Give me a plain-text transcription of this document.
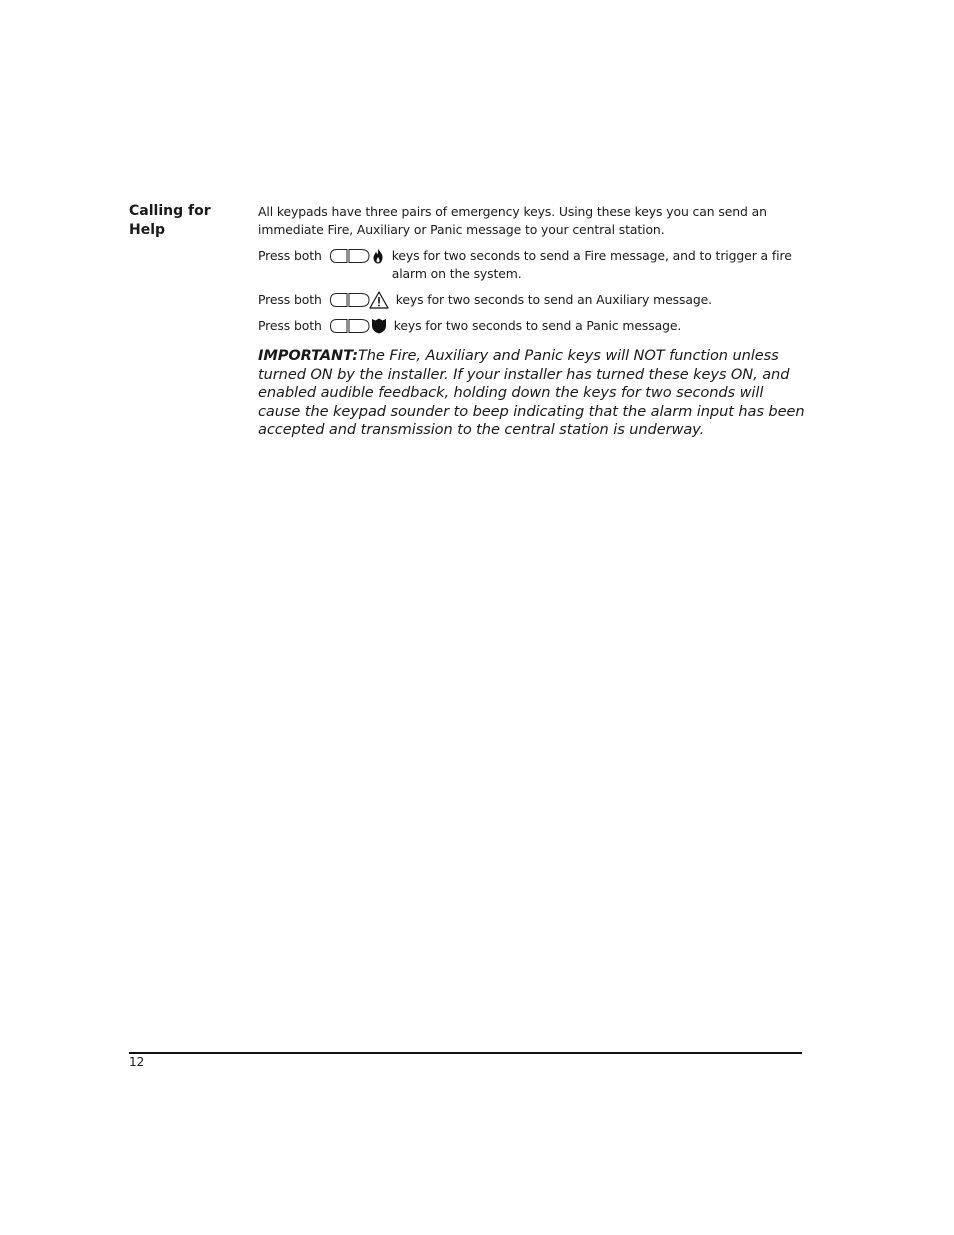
Calling for Help

All keypads have three pairs of emergency keys. Using these keys you can send an immediate Fire, Auxiliary or Panic message to your central station.

Press both	keys for two seconds to send a Fire message, and to trigger a fire alarm on the system.
Press both	keys for two seconds to send an Auxiliary message.
Press both	keys for two seconds to send a Panic message.

IMPORTANT:The Fire, Auxiliary and Panic keys will NOT function unless turned ON by the installer. If your installer has turned these keys ON, and enabled audible feedback, holding down the keys for two seconds will cause the keypad sounder to beep indicating that the alarm input has been accepted and transmission to the central station is underway.

12
